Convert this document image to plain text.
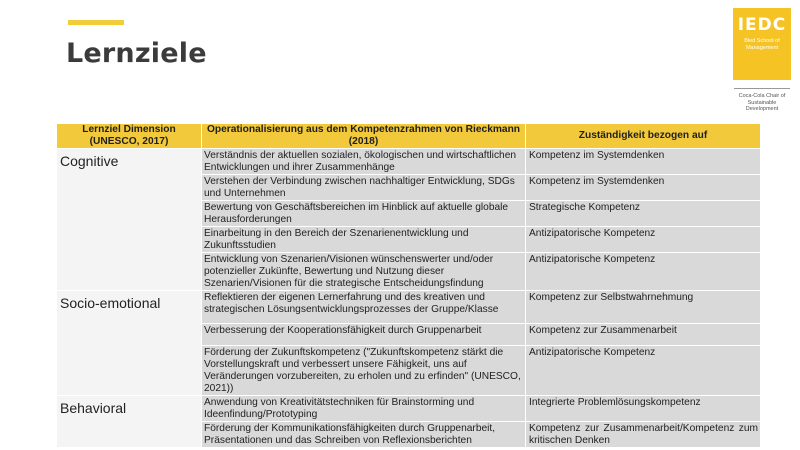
Lernziele
IEDC
Bled School of
Management
Coca-Cola Chair of
Sustainable Development
Lernziel Dimension (UNESCO, 2017)	Operationalisierung aus dem Kompetenzrahmen von Rieckmann (2018)	Zuständigkeit bezogen auf
Cognitive	Verständnis der aktuellen sozialen, ökologischen und wirtschaftlichen Entwicklungen und ihrer Zusammenhänge	Kompetenz im Systemdenken
	Verstehen der Verbindung zwischen nachhaltiger Entwicklung, SDGs und Unternehmen	Kompetenz im Systemdenken
	Bewertung von Geschäftsbereichen im Hinblick auf aktuelle globale Herausforderungen	Strategische Kompetenz
	Einarbeitung in den Bereich der Szenarienentwicklung und Zukunftsstudien	Antizipatorische Kompetenz
	Entwicklung von Szenarien/Visionen wünschenswerter und/oder potenzieller Zukünfte, Bewertung und Nutzung dieser Szenarien/Visionen für die strategische Entscheidungsfindung	Antizipatorische Kompetenz
Socio-emotional	Reflektieren der eigenen Lernerfahrung und des kreativen und strategischen Lösungsentwicklungsprozesses der Gruppe/Klasse	Kompetenz zur Selbstwahrnehmung
	Verbesserung der Kooperationsfähigkeit durch Gruppenarbeit	Kompetenz zur Zusammenarbeit
	Förderung der Zukunftskompetenz ("Zukunftskompetenz stärkt die Vorstellungskraft und verbessert unsere Fähigkeit, uns auf Veränderungen vorzubereiten, zu erholen und zu erfinden" (UNESCO, 2021))	Antizipatorische Kompetenz
Behavioral	Anwendung von Kreativitätstechniken für Brainstorming und Ideenfindung/Prototyping	Integrierte Problemlösungskompetenz
	Förderung der Kommunikationsfähigkeiten durch Gruppenarbeit, Präsentationen und das Schreiben von Reflexionsberichten	Kompetenz zur Zusammenarbeit/Kompetenz zum kritischen Denken
